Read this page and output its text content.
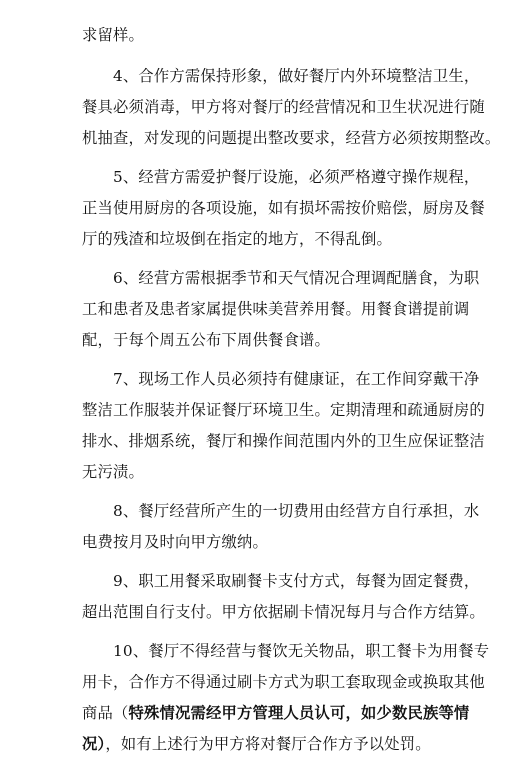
求留样。
4、合作方需保持形象，做好餐厅内外环境整洁卫生，
餐具必须消毒，甲方将对餐厅的经营情况和卫生状况进行随
机抽查，对发现的问题提出整改要求，经营方必须按期整改。
5、经营方需爱护餐厅设施，必须严格遵守操作规程，
正当使用厨房的各项设施，如有损坏需按价赔偿，厨房及餐
厅的残渣和垃圾倒在指定的地方，不得乱倒。
6、经营方需根据季节和天气情况合理调配膳食，为职
工和患者及患者家属提供味美营养用餐。用餐食谱提前调
配，于每个周五公布下周供餐食谱。
7、现场工作人员必须持有健康证，在工作间穿戴干净
整洁工作服装并保证餐厅环境卫生。定期清理和疏通厨房的
排水、排烟系统，餐厅和操作间范围内外的卫生应保证整洁
无污渍。
8、餐厅经营所产生的一切费用由经营方自行承担，水
电费按月及时向甲方缴纳。
9、职工用餐采取刷餐卡支付方式，每餐为固定餐费，
超出范围自行支付。甲方依据刷卡情况每月与合作方结算。
10、餐厅不得经营与餐饮无关物品，职工餐卡为用餐专
用卡，合作方不得通过刷卡方式为职工套取现金或换取其他
商品（特殊情况需经甲方管理人员认可，如少数民族等情
况），如有上述行为甲方将对餐厅合作方予以处罚。
